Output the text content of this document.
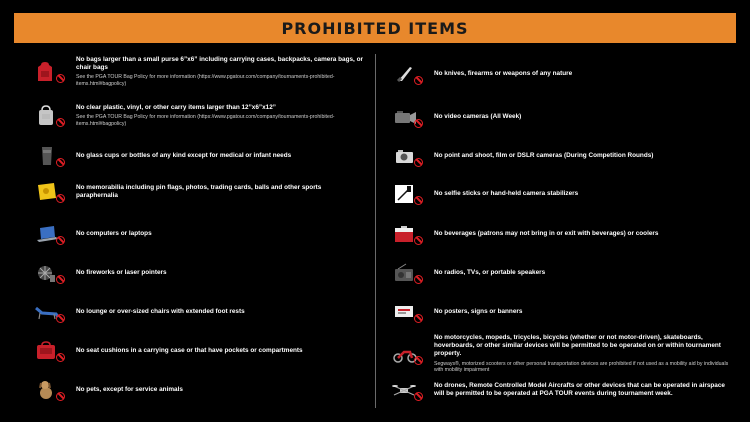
PROHIBITED ITEMS
No bags larger than a small purse 6”x6” including carrying cases, backpacks, camera bags, or chair bags
See the PGA TOUR Bag Policy for more information (https://www.pgatour.com/company/tournaments-prohibited-items.html#bagpolicy)
No clear plastic, vinyl, or other carry items larger than 12”x6”x12”
See the PGA TOUR Bag Policy for more information (https://www.pgatour.com/company/tournaments-prohibited-items.html#bagpolicy)
No glass cups or bottles of any kind except for medical or infant needs
No memorabilia including pin flags, photos, trading cards, balls and other sports paraphernalia
No computers or laptops
No fireworks or laser pointers
No lounge or over-sized chairs with extended foot rests
No seat cushions in a carrying case or that have pockets or compartments
No pets, except for service animals
No knives, firearms or weapons of any nature
No video cameras (All Week)
No point and shoot, film or DSLR cameras (During Competition Rounds)
No selfie sticks or hand-held camera stabilizers
No beverages (patrons may not bring in or exit with beverages) or coolers
No radios, TVs, or portable speakers
No posters, signs or banners
No motorcycles, mopeds, tricycles, bicycles (whether or not motor-driven), skateboards, hoverboards, or other similar devices will be permitted to be operated on or within tournament property.
Segways®, motorized scooters or other personal transportation devices are prohibited if not used as a mobility aid by individuals with mobility impairment
No drones, Remote Controlled Model Aircrafts or other devices that can be operated in airspace will be permitted to be operated at PGA TOUR events during tournament week.
